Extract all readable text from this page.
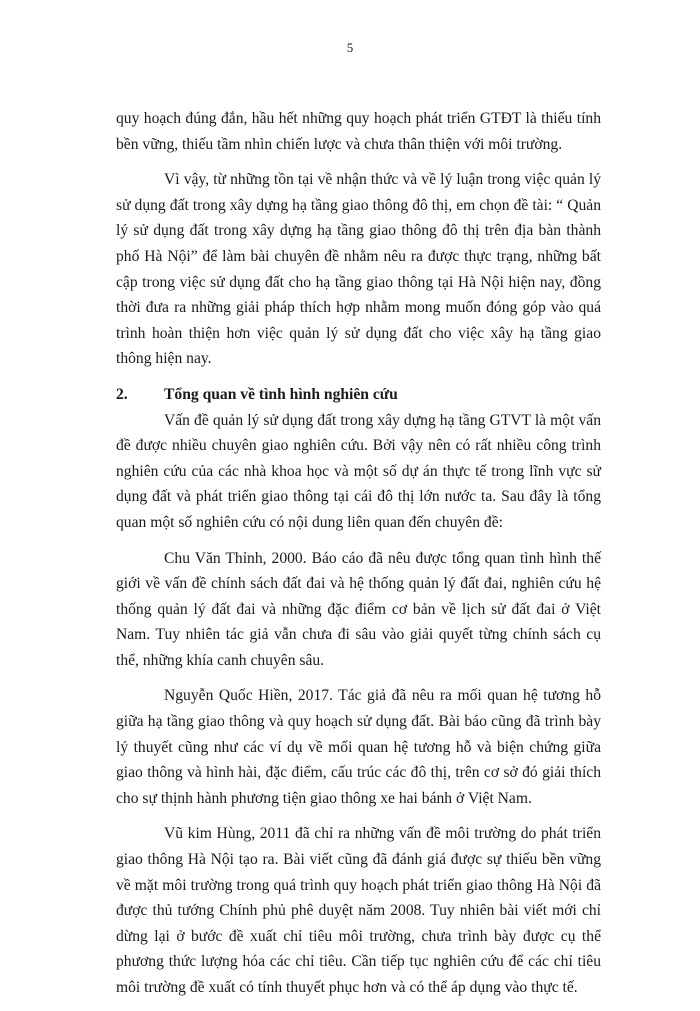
5

quy hoạch đúng đắn, hầu hết những quy hoạch phát triển GTĐT là thiếu tính bền vững, thiếu tầm nhìn chiến lược và chưa thân thiện với môi trường.

Vì vậy, từ những tồn tại về nhận thức và về lý luận trong việc quản lý sử dụng đất trong xây dựng hạ tầng giao thông đô thị, em chọn đề tài: “ Quản lý sử dụng đất trong xây dựng hạ tầng giao thông đô thị trên địa bàn thành phố Hà Nội” để làm bài chuyên đề nhằm nêu ra được thực trạng, những bất cập trong việc sử dụng đất cho hạ tầng giao thông tại Hà Nội hiện nay, đồng thời đưa ra những giải pháp thích hợp nhằm mong muốn đóng góp vào quá trình hoàn thiện hơn việc quản lý sử dụng đất cho việc xây hạ tầng giao thông hiện nay.

2.	Tổng quan về tình hình nghiên cứu

Vấn đề quản lý sử dụng đất trong xây dựng hạ tầng GTVT là một vấn đề được nhiều chuyên giao nghiên cứu. Bởi vậy nên có rất nhiều công trình nghiên cứu của các nhà khoa học và một số dự án thực tế trong lĩnh vực sử dụng đất và phát triển giao thông tại cái đô thị lớn nước ta. Sau đây là tổng quan một số nghiên cứu có nội dung liên quan đến chuyên đề:

Chu Văn Thỉnh, 2000. Báo cáo đã nêu được tổng quan tình hình thế giới về vấn đề chính sách đất đai và hệ thống quản lý đất đai, nghiên cứu hệ thống quản lý đất đai và những đặc điểm cơ bản về lịch sử đất đai ở Việt Nam. Tuy nhiên tác giả vẫn chưa đi sâu vào giải quyết từng chính sách cụ thể, những khía canh chuyên sâu.

Nguyễn Quốc Hiền, 2017. Tác giả đã nêu ra mối quan hệ tương hỗ giữa hạ tầng giao thông và quy hoạch sử dụng đất. Bài báo cũng đã trình bày lý thuyết cũng như các ví dụ về mối quan hệ tương hỗ và biện chứng giữa giao thông và hình hài, đặc điểm, cấu trúc các đô thị, trên cơ sở đó giải thích cho sự thịnh hành phương tiện giao thông xe hai bánh ở Việt Nam.

Vũ kim Hùng, 2011 đã chỉ ra những vấn đề môi trường do phát triển giao thông Hà Nội tạo ra. Bài viết cũng đã đánh giá được sự thiếu bền vững về mặt môi trường trong quá trình quy hoạch phát triển giao thông Hà Nội đã được thủ tướng Chính phủ phê duyệt năm 2008. Tuy nhiên bài viết mới chỉ dừng lại ở bước đề xuất chỉ tiêu môi trường, chưa trình bày được cụ thể phương thức lượng hóa các chỉ tiêu. Cần tiếp tục nghiên cứu để các chỉ tiêu môi trường đề xuất có tính thuyết phục hơn và có thể áp dụng vào thực tế.
